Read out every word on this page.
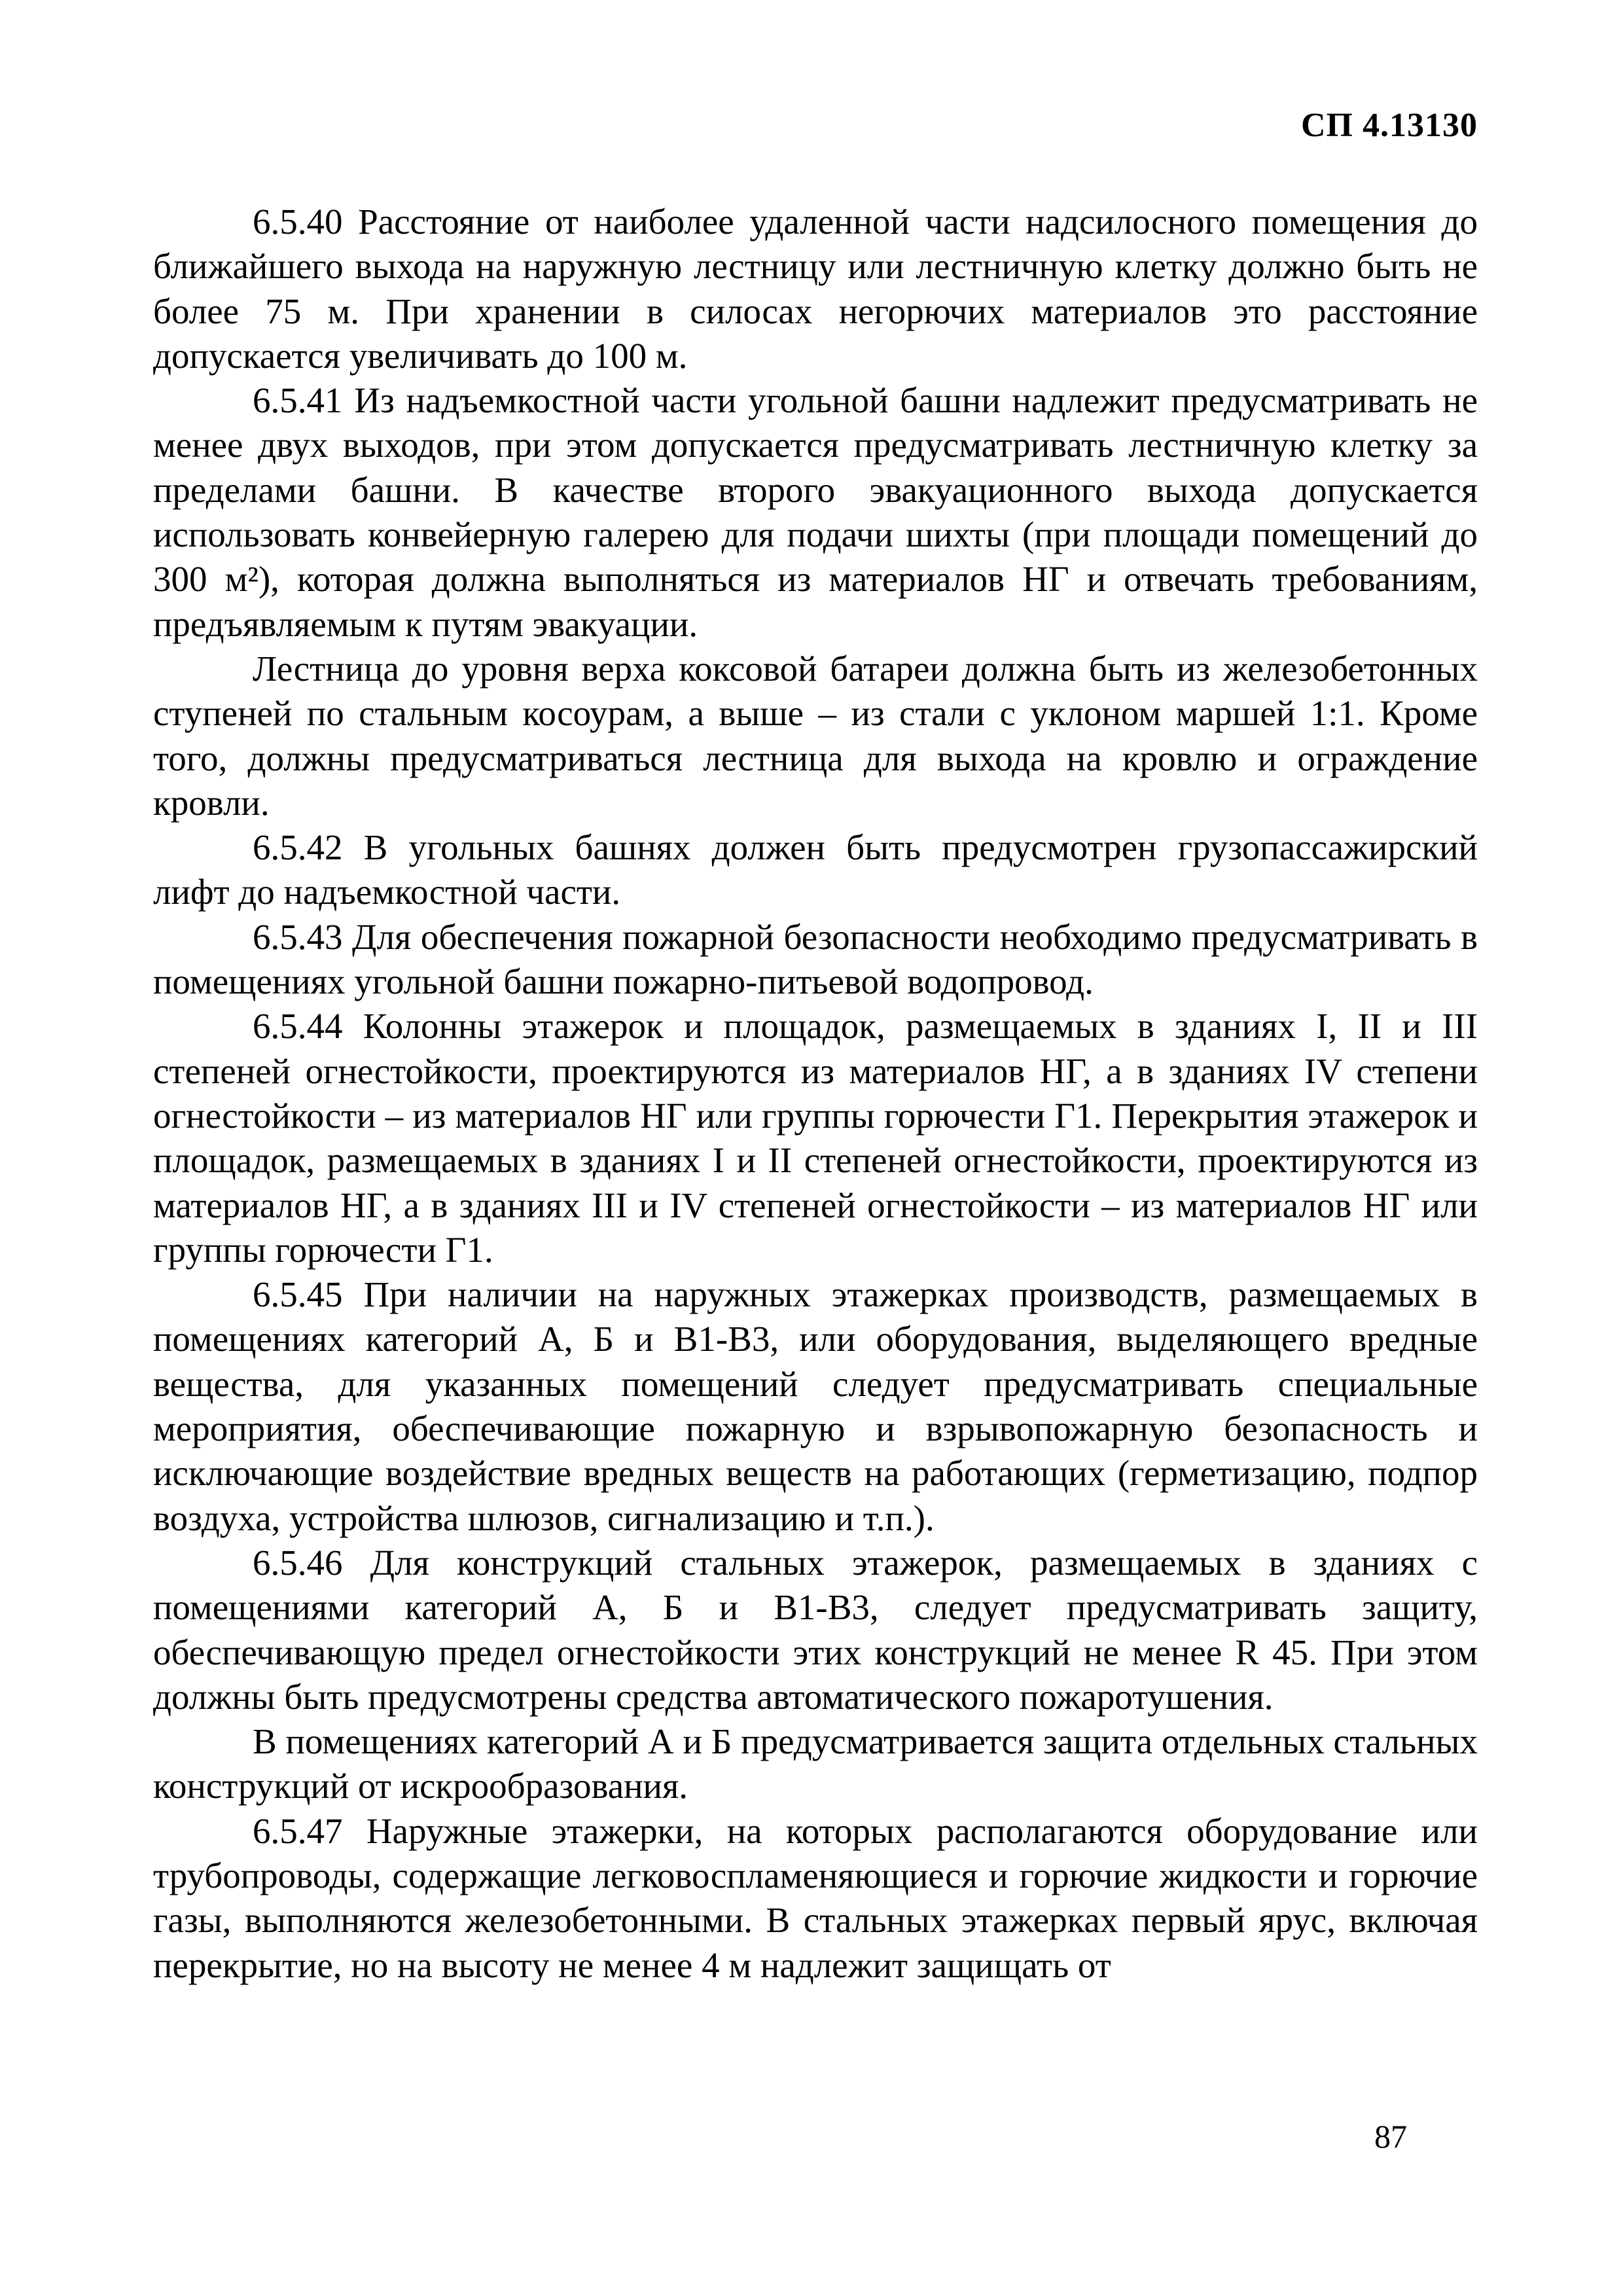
СП 4.13130

6.5.40 Расстояние от наиболее удаленной части надсилосного помещения до ближайшего выхода на наружную лестницу или лестничную клетку должно быть не более 75 м. При хранении в силосах негорючих материалов это расстояние допускается увеличивать до 100 м.

6.5.41 Из надъемкостной части угольной башни надлежит предусматривать не менее двух выходов, при этом допускается предусматривать лестничную клетку за пределами башни. В качестве второго эвакуационного выхода допускается использовать конвейерную галерею для подачи шихты (при площади помещений до 300 м²), которая должна выполняться из материалов НГ и отвечать требованиям, предъявляемым к путям эвакуации.

Лестница до уровня верха коксовой батареи должна быть из железобетонных ступеней по стальным косоурам, а выше – из стали с уклоном маршей 1:1. Кроме того, должны предусматриваться лестница для выхода на кровлю и ограждение кровли.

6.5.42 В угольных башнях должен быть предусмотрен грузопассажирский лифт до надъемкостной части.

6.5.43 Для обеспечения пожарной безопасности необходимо предусматривать в помещениях угольной башни пожарно-питьевой водопровод.

6.5.44 Колонны этажерок и площадок, размещаемых в зданиях I, II и III степеней огнестойкости, проектируются из материалов НГ, а в зданиях IV степени огнестойкости – из материалов НГ или группы горючести Г1. Перекрытия этажерок и площадок, размещаемых в зданиях I и II степеней огнестойкости, проектируются из материалов НГ, а в зданиях III и IV степеней огнестойкости – из материалов НГ или группы горючести Г1.

6.5.45 При наличии на наружных этажерках производств, размещаемых в помещениях категорий А, Б и В1-В3, или оборудования, выделяющего вредные вещества, для указанных помещений следует предусматривать специальные мероприятия, обеспечивающие пожарную и взрывопожарную безопасность и исключающие воздействие вредных веществ на работающих (герметизацию, подпор воздуха, устройства шлюзов, сигнализацию и т.п.).

6.5.46 Для конструкций стальных этажерок, размещаемых в зданиях с помещениями категорий А, Б и В1-В3, следует предусматривать защиту, обеспечивающую предел огнестойкости этих конструкций не менее R 45. При этом должны быть предусмотрены средства автоматического пожаротушения.

В помещениях категорий А и Б предусматривается защита отдельных стальных конструкций от искрообразования.

6.5.47 Наружные этажерки, на которых располагаются оборудование или трубопроводы, содержащие легковоспламеняющиеся и горючие жидкости и горючие газы, выполняются железобетонными. В стальных этажерках первый ярус, включая перекрытие, но на высоту не менее 4 м надлежит защищать от

87
